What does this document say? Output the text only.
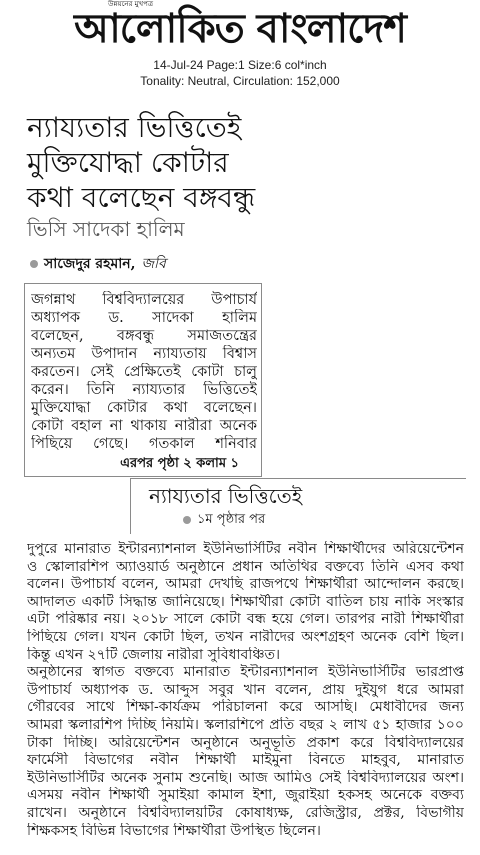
উন্নয়নের মুখপত্র
আলোকিত বাংলাদেশ
14-Jul-24 Page:1 Size:6 col*inch
Tonality: Neutral, Circulation: 152,000
ন্যায্যতার ভিত্তিতেই
মুক্তিযোদ্ধা কোটার
কথা বলেছেন বঙ্গবন্ধু
ভিসি সাদেকা হালিম
সাজেদুর রহমান, জবি
জগন্নাথ বিশ্ববিদ্যালয়ের উপাচার্য
অধ্যাপক ড. সাদেকা হালিম
বলেছেন, বঙ্গবন্ধু সমাজতন্ত্রের
অন্যতম উপাদান ন্যায্যতায় বিশ্বাস
করতেন। সেই প্রেক্ষিতেই কোটা চালু
করেন। তিনি ন্যায্যতার ভিত্তিতেই
মুক্তিযোদ্ধা কোটার কথা বলেছেন।
কোটা বহাল না থাকায় নারীরা অনেক
পিছিয়ে গেছে। গতকাল শনিবার
এরপর পৃষ্ঠা ২ কলাম ১
ন্যায্যতার ভিত্তিতেই
১ম পৃষ্ঠার পর
দুপুরে মানারাত ইন্টারন্যাশনাল ইউনিভার্সিটির নবীন শিক্ষার্থীদের অরিয়েন্টেশন
ও স্কোলারশিপ অ্যাওয়ার্ড অনুষ্ঠানে প্রধান অতিথির বক্তব্যে তিনি এসব কথা
বলেন। উপাচার্য বলেন, আমরা দেখছি রাজপথে শিক্ষার্থীরা আন্দোলন করছে।
আদালত একটি সিদ্ধান্ত জানিয়েছে। শিক্ষার্থীরা কোটা বাতিল চায় নাকি সংস্কার
এটা পরিষ্কার নয়। ২০১৮ সালে কোটা বন্ধ হয়ে গেল। তারপর নারী শিক্ষার্থীরা
পিছিয়ে গেল। যখন কোটা ছিল, তখন নারীদের অংশগ্রহণ অনেক বেশি ছিল।
কিন্তু এখন ২৭টি জেলায় নারীরা সুবিধাবঞ্চিত।
অনুষ্ঠানের স্বাগত বক্তব্যে মানারাত ইন্টারন্যাশনাল ইউনিভার্সিটির ভারপ্রাপ্ত
উপাচার্য অধ্যাপক ড. আব্দুস সবুর খান বলেন, প্রায় দুইযুগ ধরে আমরা
গৌরবের সাথে শিক্ষা-কার্যক্রম পরিচালনা করে আসছি। মেধাবীদের জন্য
আমরা স্কলারশিপ দিচ্ছি নিয়মি। স্কলারশিপে প্রতি বছর ২ লাখ ৫১ হাজার ১০০
টাকা দিচ্ছি। অরিয়েন্টেশন অনুষ্ঠানে অনুভূতি প্রকাশ করে বিশ্ববিদ্যালয়ের
ফার্মেসী বিভাগের নবীন শিক্ষার্থী মাইমুনা বিনতে মাহবুব, মানারাত
ইউনিভার্সিটির অনেক সুনাম শুনেছি। আজ আমিও সেই বিশ্ববিদ্যালয়ের অংশ।
এসময় নবীন শিক্ষার্থী সুমাইয়া কামাল ইশা, জুরাইয়া হকসহ অনেকে বক্তব্য
রাখেন। অনুষ্ঠানে বিশ্ববিদ্যালয়টির কোষাধ্যক্ষ, রেজিস্ট্রার, প্রক্টর, বিভাগীয়
শিক্ষকসহ বিভিন্ন বিভাগের শিক্ষার্থীরা উপস্থিত ছিলেন।
